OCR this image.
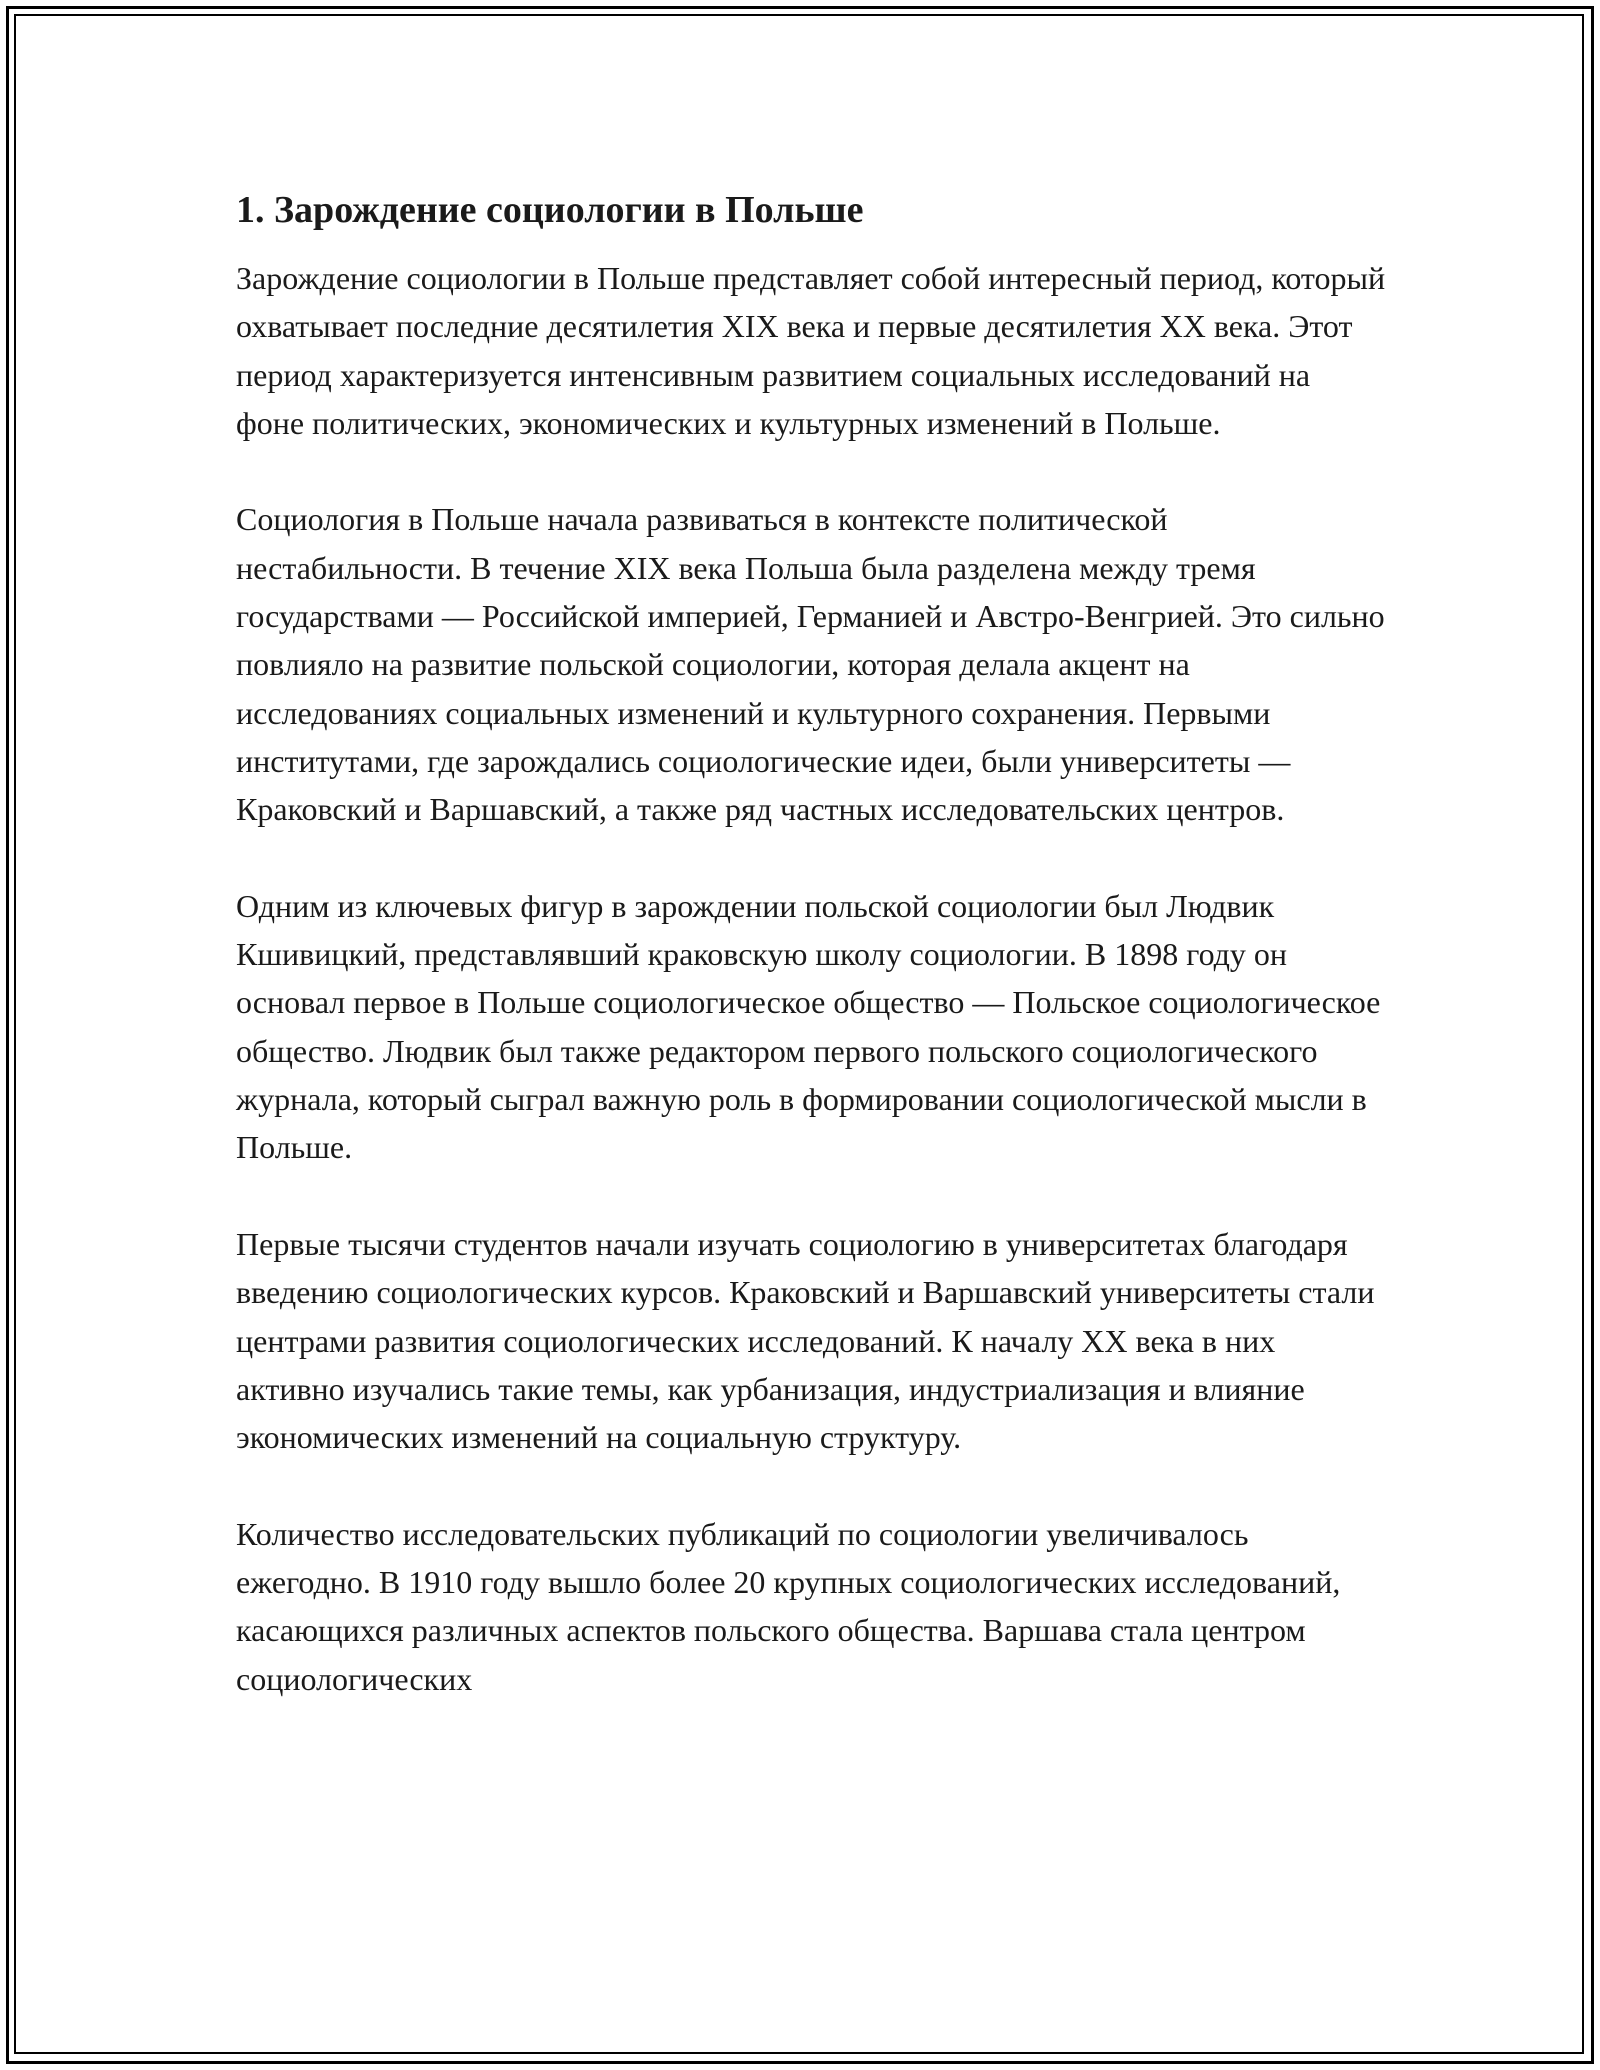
1. Зарождение социологии в Польше

Зарождение социологии в Польше представляет собой интересный период, который охватывает последние десятилетия XIX века и первые десятилетия XX века. Этот период характеризуется интенсивным развитием социальных исследований на фоне политических, экономических и культурных изменений в Польше.

Социология в Польше начала развиваться в контексте политической нестабильности. В течение XIX века Польша была разделена между тремя государствами — Российской империей, Германией и Австро-Венгрией. Это сильно повлияло на развитие польской социологии, которая делала акцент на исследованиях социальных изменений и культурного сохранения. Первыми институтами, где зарождались социологические идеи, были университеты — Краковский и Варшавский, а также ряд частных исследовательских центров.

Одним из ключевых фигур в зарождении польской социологии был Людвик Кшивицкий, представлявший краковскую школу социологии. В 1898 году он основал первое в Польше социологическое общество — Польское социологическое общество. Людвик был также редактором первого польского социологического журнала, который сыграл важную роль в формировании социологической мысли в Польше.

Первые тысячи студентов начали изучать социологию в университетах благодаря введению социологических курсов. Краковский и Варшавский университеты стали центрами развития социологических исследований. К началу XX века в них активно изучались такие темы, как урбанизация, индустриализация и влияние экономических изменений на социальную структуру.

Количество исследовательских публикаций по социологии увеличивалось ежегодно. В 1910 году вышло более 20 крупных социологических исследований, касающихся различных аспектов польского общества. Варшава стала центром социологических
